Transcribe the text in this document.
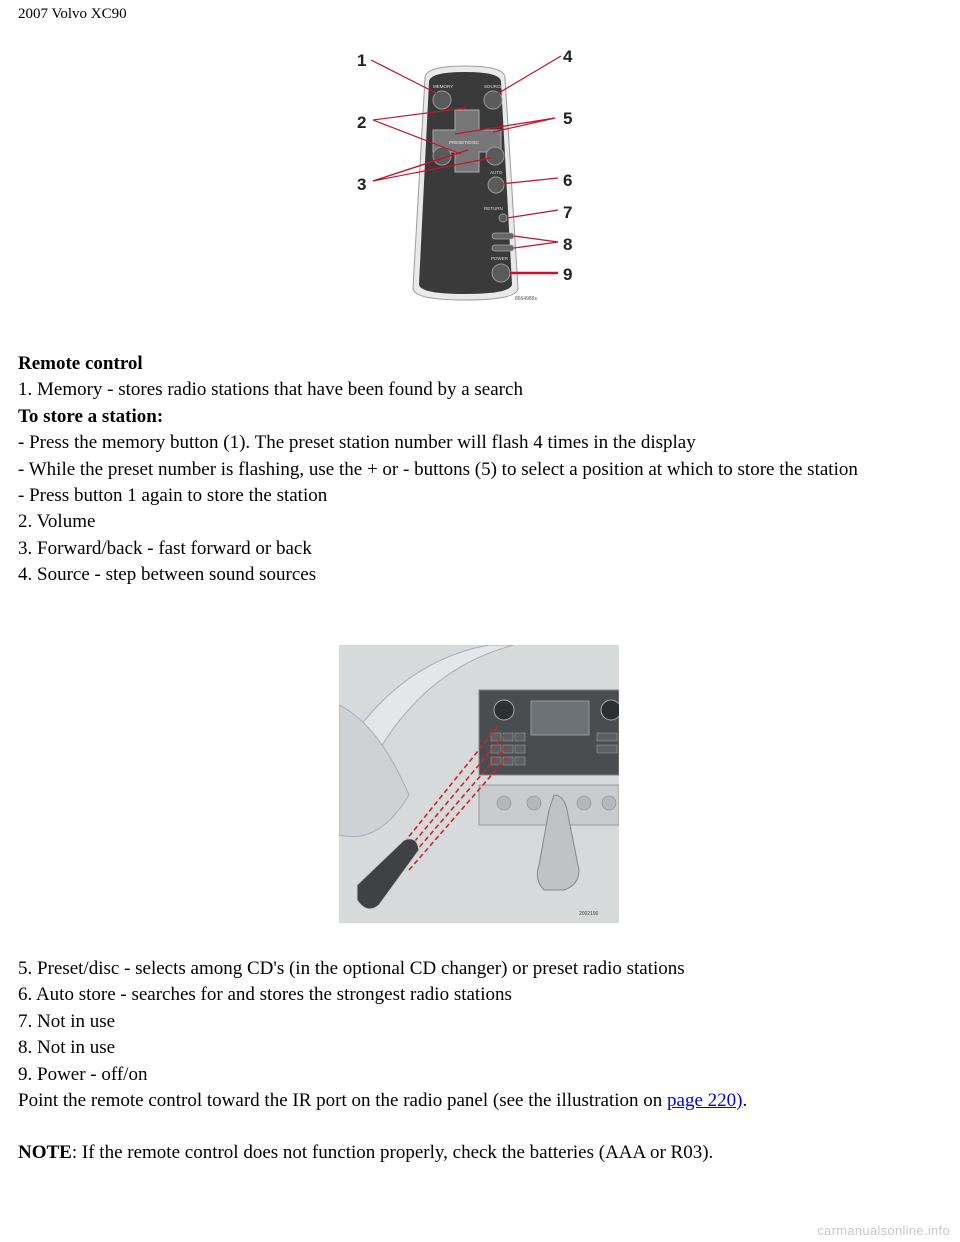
2007 Volvo XC90
MEMORY	SOURCE
PRESET/DISC
AUTO
RETURN
POWER
1
2
3
4
5
6
7
8
9
8664989s

Remote control

1. Memory - stores radio stations that have been found by a search

To store a station:

- Press the memory button (1). The preset station number will flash 4 times in the display

- While the preset number is flashing, use the + or - buttons (5) to select a position at which to store the station

- Press button 1 again to store the station

2. Volume

3. Forward/back - fast forward or back

4. Source - step between sound sources

2002190

5. Preset/disc - selects among CD's (in the optional CD changer) or preset radio stations

6. Auto store - searches for and stores the strongest radio stations

7. Not in use

8. Not in use

9. Power - off/on

Point the remote control toward the IR port on the radio panel (see the illustration on page 220).

NOTE: If the remote control does not function properly, check the batteries (AAA or R03).

carmanualsonline.info
